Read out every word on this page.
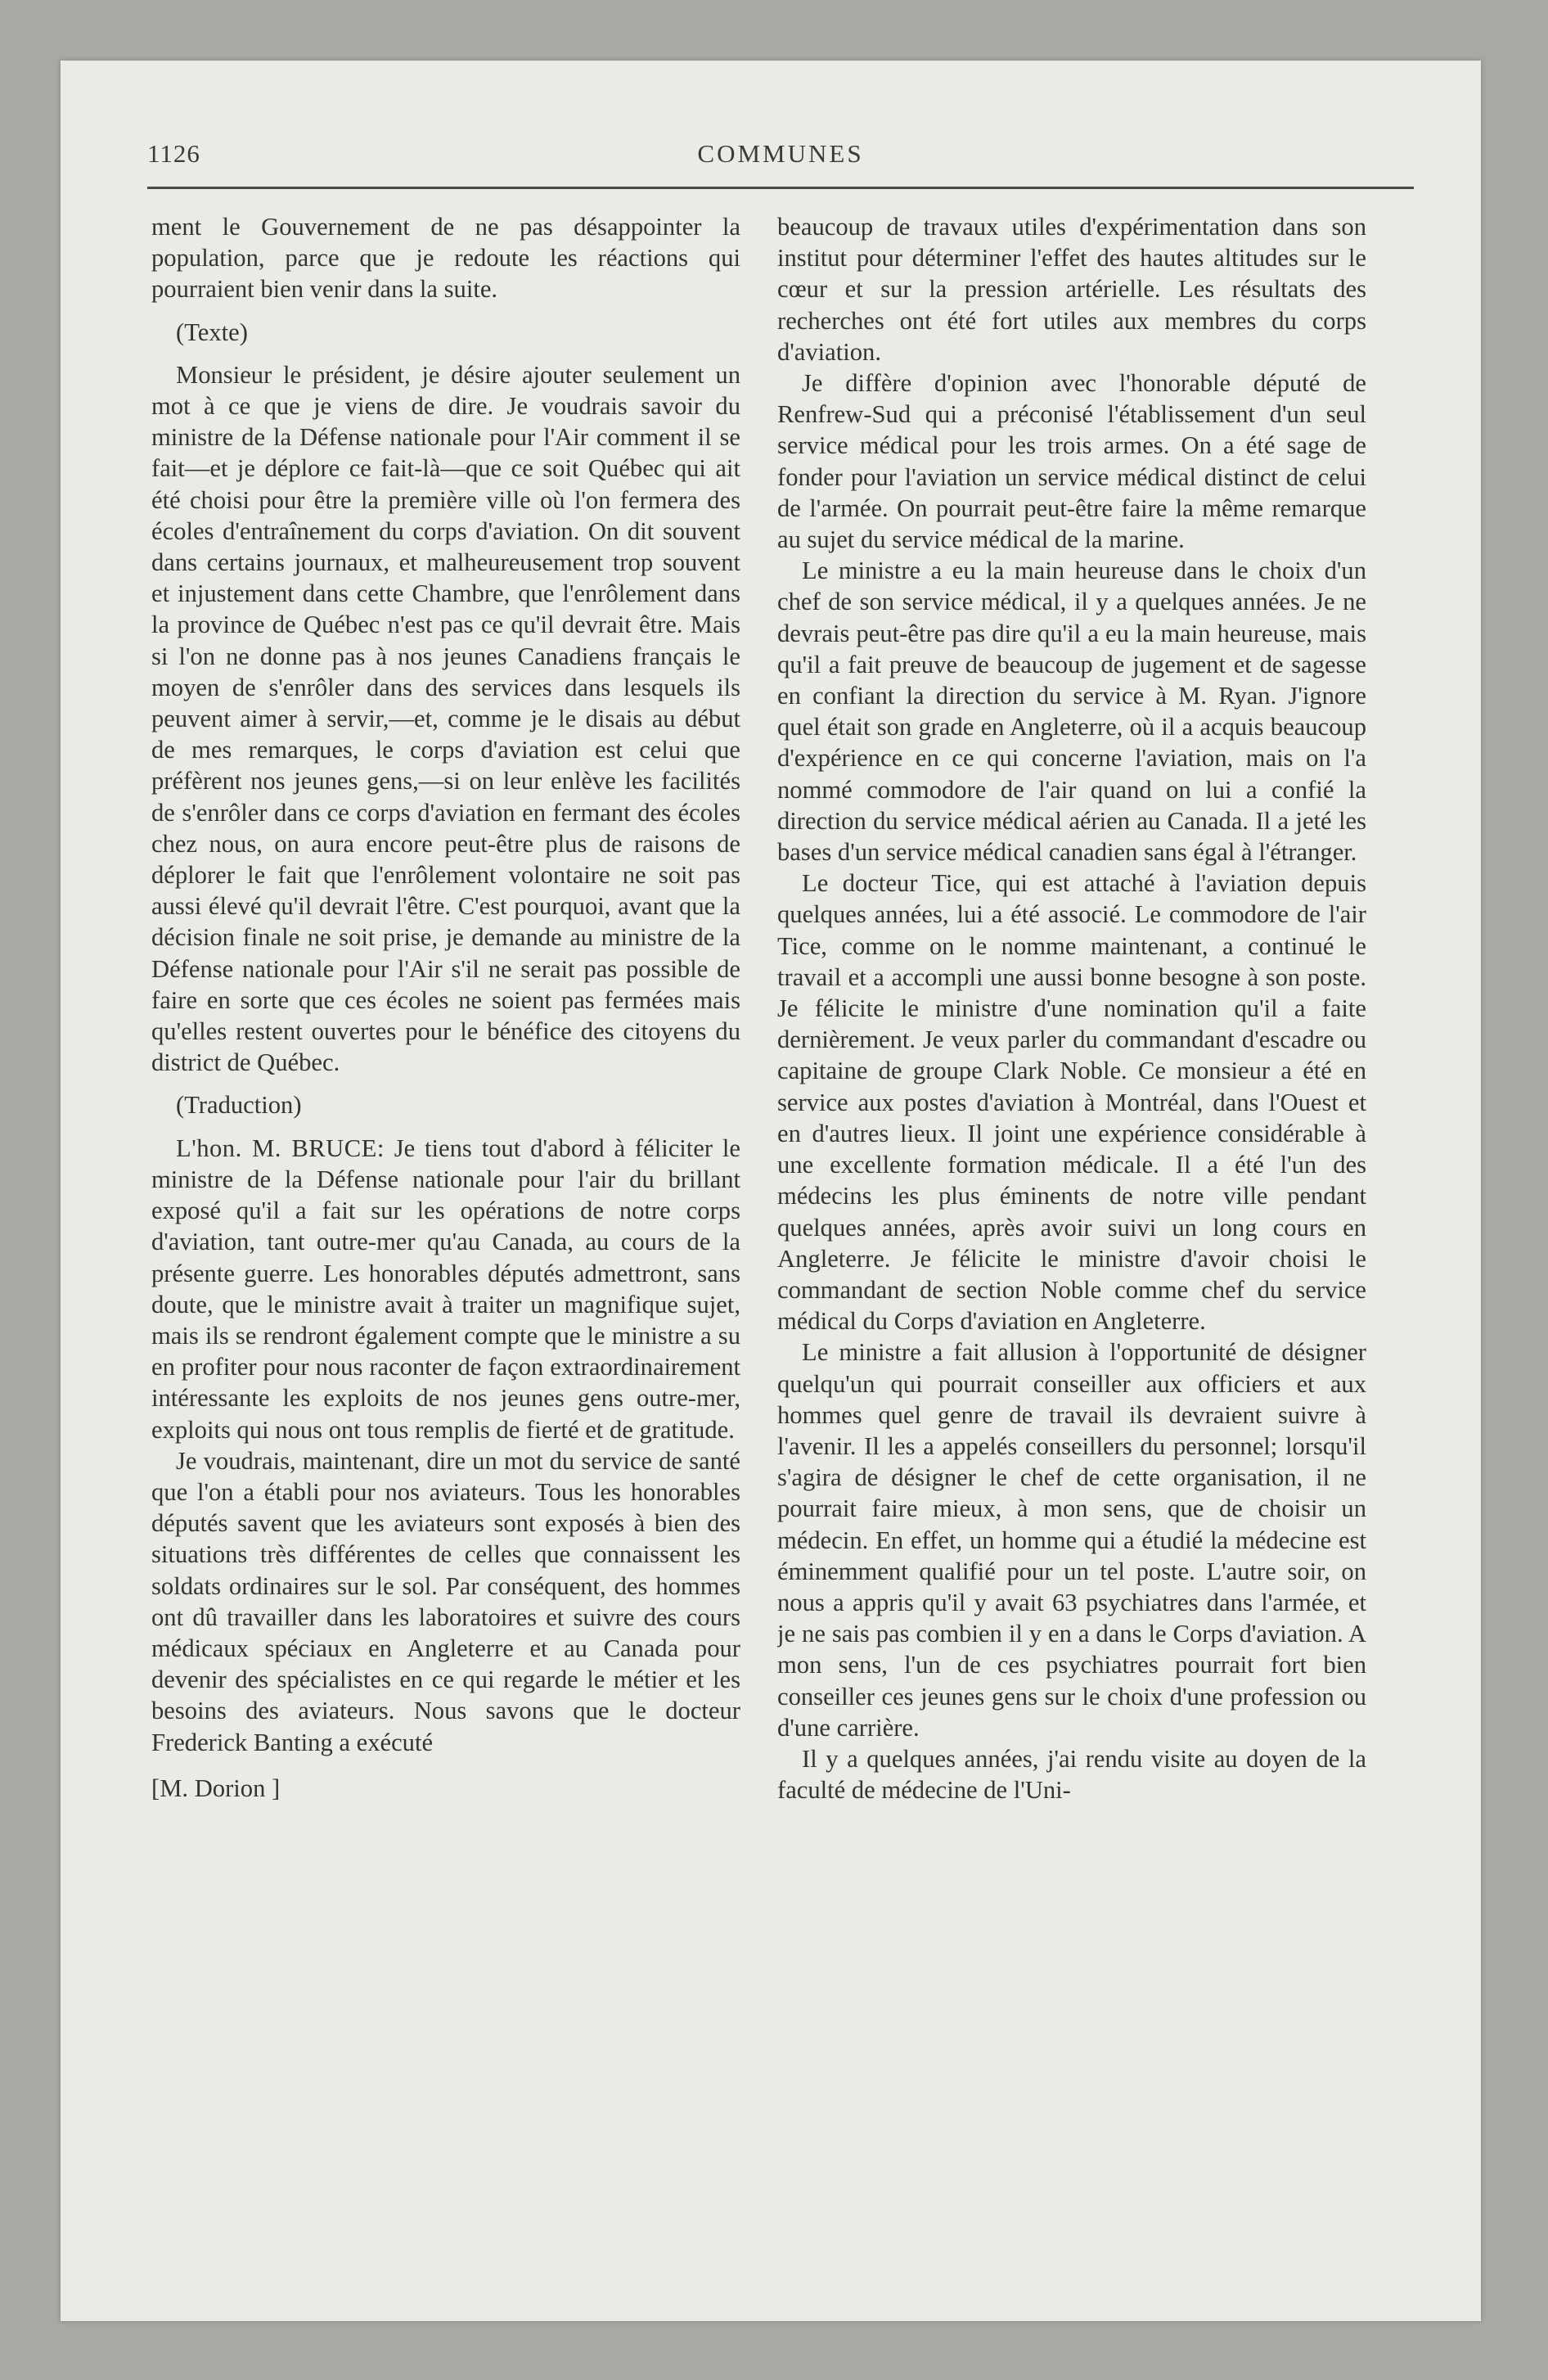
1126	COMMUNES

ment le Gouvernement de ne pas désappointer la population, parce que je redoute les réactions qui pourraient bien venir dans la suite.

(Texte)

Monsieur le président, je désire ajouter seulement un mot à ce que je viens de dire. Je voudrais savoir du ministre de la Défense nationale pour l'Air comment il se fait—et je déplore ce fait-là—que ce soit Québec qui ait été choisi pour être la première ville où l'on fermera des écoles d'entraînement du corps d'aviation. On dit souvent dans certains journaux, et malheureusement trop souvent et injustement dans cette Chambre, que l'enrôlement dans la province de Québec n'est pas ce qu'il devrait être. Mais si l'on ne donne pas à nos jeunes Canadiens français le moyen de s'enrôler dans des services dans lesquels ils peuvent aimer à servir,—et, comme je le disais au début de mes remarques, le corps d'aviation est celui que préfèrent nos jeunes gens,—si on leur enlève les facilités de s'enrôler dans ce corps d'aviation en fermant des écoles chez nous, on aura encore peut-être plus de raisons de déplorer le fait que l'enrôlement volontaire ne soit pas aussi élevé qu'il devrait l'être. C'est pourquoi, avant que la décision finale ne soit prise, je demande au ministre de la Défense nationale pour l'Air s'il ne serait pas possible de faire en sorte que ces écoles ne soient pas fermées mais qu'elles restent ouvertes pour le bénéfice des citoyens du district de Québec.

(Traduction)

L'hon. M. BRUCE: Je tiens tout d'abord à féliciter le ministre de la Défense nationale pour l'air du brillant exposé qu'il a fait sur les opérations de notre corps d'aviation, tant outre-mer qu'au Canada, au cours de la présente guerre. Les honorables députés admettront, sans doute, que le ministre avait à traiter un magnifique sujet, mais ils se rendront également compte que le ministre a su en profiter pour nous raconter de façon extraordinairement intéressante les exploits de nos jeunes gens outre-mer, exploits qui nous ont tous remplis de fierté et de gratitude.

Je voudrais, maintenant, dire un mot du service de santé que l'on a établi pour nos aviateurs. Tous les honorables députés savent que les aviateurs sont exposés à bien des situations très différentes de celles que connaissent les soldats ordinaires sur le sol. Par conséquent, des hommes ont dû travailler dans les laboratoires et suivre des cours médicaux spéciaux en Angleterre et au Canada pour devenir des spécialistes en ce qui regarde le métier et les besoins des aviateurs. Nous savons que le docteur Frederick Banting a exécuté

[M. Dorion ]

beaucoup de travaux utiles d'expérimentation dans son institut pour déterminer l'effet des hautes altitudes sur le cœur et sur la pression artérielle. Les résultats des recherches ont été fort utiles aux membres du corps d'aviation.

Je diffère d'opinion avec l'honorable député de Renfrew-Sud qui a préconisé l'établissement d'un seul service médical pour les trois armes. On a été sage de fonder pour l'aviation un service médical distinct de celui de l'armée. On pourrait peut-être faire la même remarque au sujet du service médical de la marine.

Le ministre a eu la main heureuse dans le choix d'un chef de son service médical, il y a quelques années. Je ne devrais peut-être pas dire qu'il a eu la main heureuse, mais qu'il a fait preuve de beaucoup de jugement et de sagesse en confiant la direction du service à M. Ryan. J'ignore quel était son grade en Angleterre, où il a acquis beaucoup d'expérience en ce qui concerne l'aviation, mais on l'a nommé commodore de l'air quand on lui a confié la direction du service médical aérien au Canada. Il a jeté les bases d'un service médical canadien sans égal à l'étranger.

Le docteur Tice, qui est attaché à l'aviation depuis quelques années, lui a été associé. Le commodore de l'air Tice, comme on le nomme maintenant, a continué le travail et a accompli une aussi bonne besogne à son poste. Je félicite le ministre d'une nomination qu'il a faite dernièrement. Je veux parler du commandant d'escadre ou capitaine de groupe Clark Noble. Ce monsieur a été en service aux postes d'aviation à Montréal, dans l'Ouest et en d'autres lieux. Il joint une expérience considérable à une excellente formation médicale. Il a été l'un des médecins les plus éminents de notre ville pendant quelques années, après avoir suivi un long cours en Angleterre. Je félicite le ministre d'avoir choisi le commandant de section Noble comme chef du service médical du Corps d'aviation en Angleterre.

Le ministre a fait allusion à l'opportunité de désigner quelqu'un qui pourrait conseiller aux officiers et aux hommes quel genre de travail ils devraient suivre à l'avenir. Il les a appelés conseillers du personnel; lorsqu'il s'agira de désigner le chef de cette organisation, il ne pourrait faire mieux, à mon sens, que de choisir un médecin. En effet, un homme qui a étudié la médecine est éminemment qualifié pour un tel poste. L'autre soir, on nous a appris qu'il y avait 63 psychiatres dans l'armée, et je ne sais pas combien il y en a dans le Corps d'aviation. A mon sens, l'un de ces psychiatres pourrait fort bien conseiller ces jeunes gens sur le choix d'une profession ou d'une carrière.

Il y a quelques années, j'ai rendu visite au doyen de la faculté de médecine de l'Uni-
